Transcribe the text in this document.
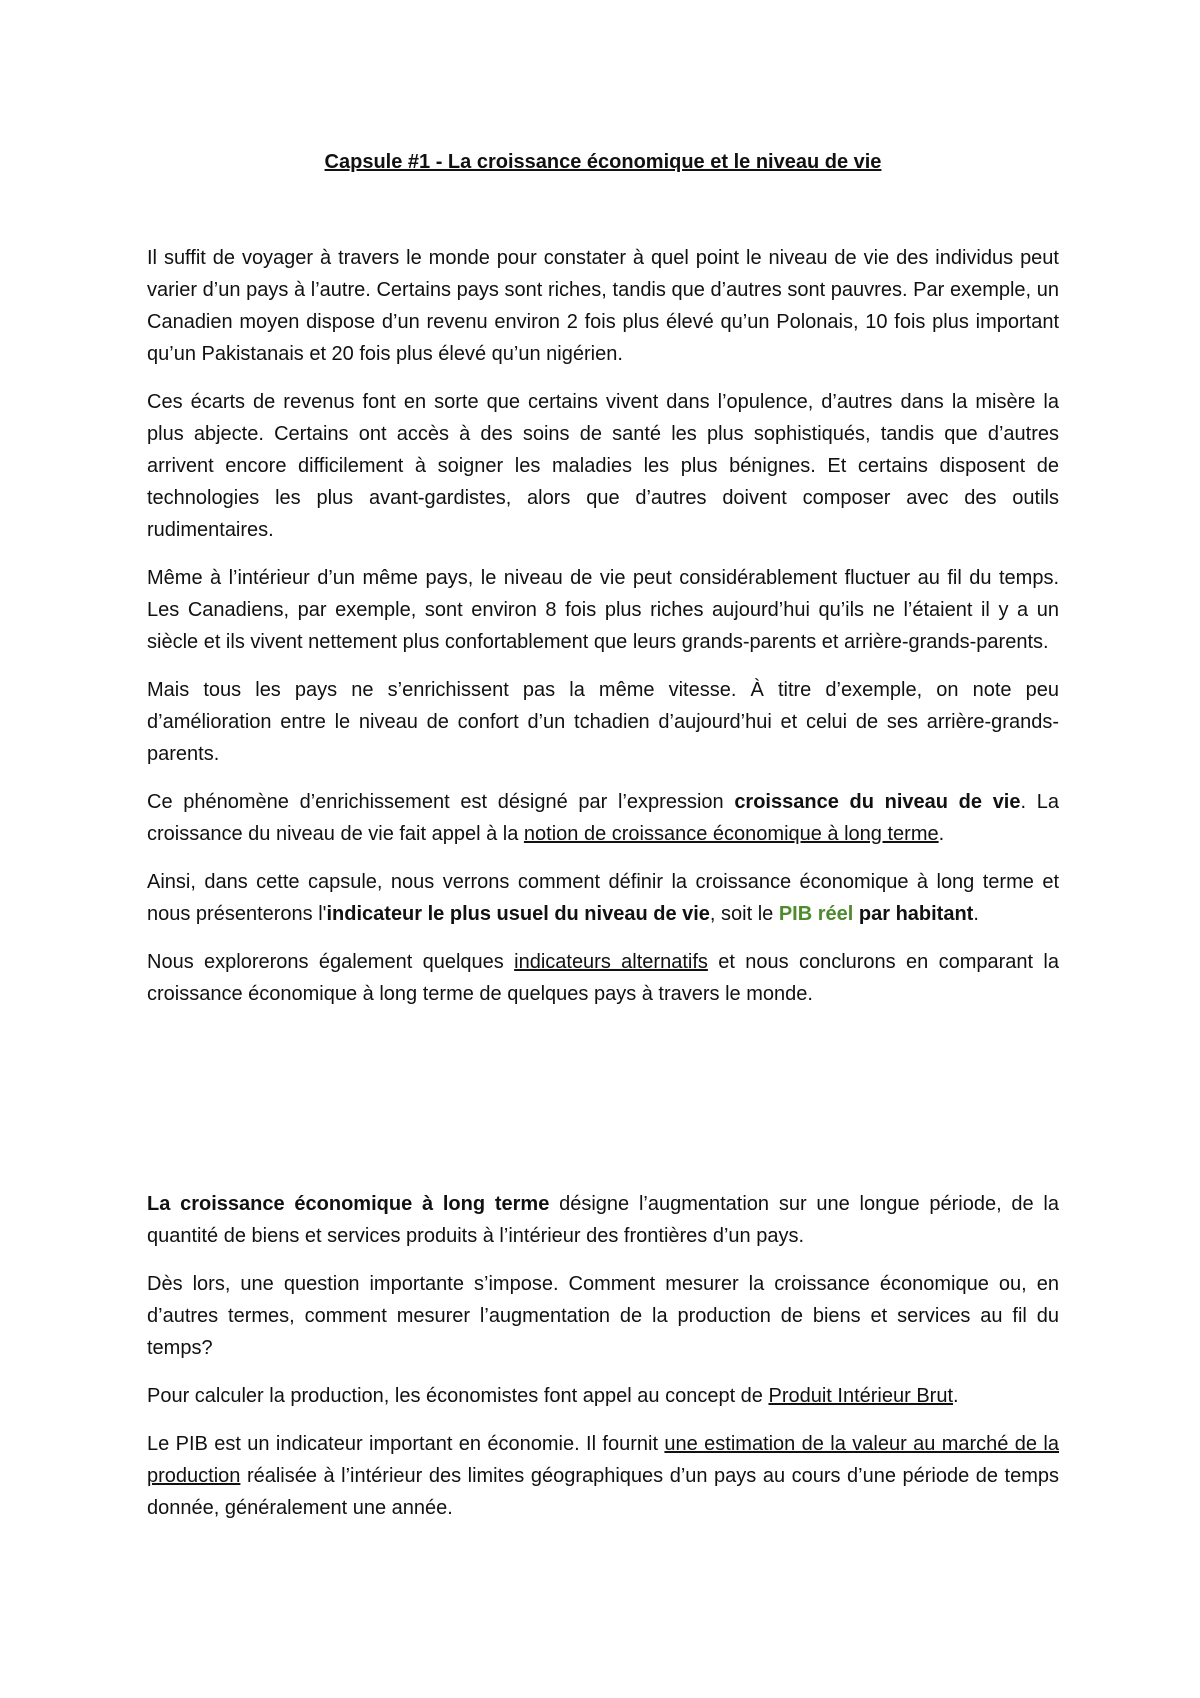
Capsule #1 - La croissance économique et le niveau de vie

Il suffit de voyager à travers le monde pour constater à quel point le niveau de vie des individus peut varier d’un pays à l’autre. Certains pays sont riches, tandis que d’autres sont pauvres. Par exemple, un Canadien moyen dispose d’un revenu environ 2 fois plus élevé qu’un Polonais, 10 fois plus important qu’un Pakistanais et 20 fois plus élevé qu’un nigérien.

Ces écarts de revenus font en sorte que certains vivent dans l’opulence, d’autres dans la misère la plus abjecte. Certains ont accès à des soins de santé les plus sophistiqués, tandis que d’autres arrivent encore difficilement à soigner les maladies les plus bénignes. Et certains disposent de technologies les plus avant-gardistes, alors que d’autres doivent composer avec des outils rudimentaires.

Même à l’intérieur d’un même pays, le niveau de vie peut considérablement fluctuer au fil du temps. Les Canadiens, par exemple, sont environ 8 fois plus riches aujourd’hui qu’ils ne l’étaient il y a un siècle et ils vivent nettement plus confortablement que leurs grands-parents et arrière-grands-parents.

Mais tous les pays ne s’enrichissent pas la même vitesse. À titre d’exemple, on note peu d’amélioration entre le niveau de confort d’un tchadien d’aujourd’hui et celui de ses arrière-grands-parents.

Ce phénomène d’enrichissement est désigné par l’expression croissance du niveau de vie. La croissance du niveau de vie fait appel à la notion de croissance économique à long terme.

Ainsi, dans cette capsule, nous verrons comment définir la croissance économique à long terme et nous présenterons l'indicateur le plus usuel du niveau de vie, soit le PIB réel par habitant.

Nous explorerons également quelques indicateurs alternatifs et nous conclurons en comparant la croissance économique à long terme de quelques pays à travers le monde.

La croissance économique à long terme désigne l’augmentation sur une longue période, de la quantité de biens et services produits à l’intérieur des frontières d’un pays.

Dès lors, une question importante s’impose. Comment mesurer la croissance économique ou, en d’autres termes, comment mesurer l’augmentation de la production de biens et services au fil du temps?

Pour calculer la production, les économistes font appel au concept de Produit Intérieur Brut.

Le PIB est un indicateur important en économie. Il fournit une estimation de la valeur au marché de la production réalisée à l’intérieur des limites géographiques d’un pays au cours d’une période de temps donnée, généralement une année.
